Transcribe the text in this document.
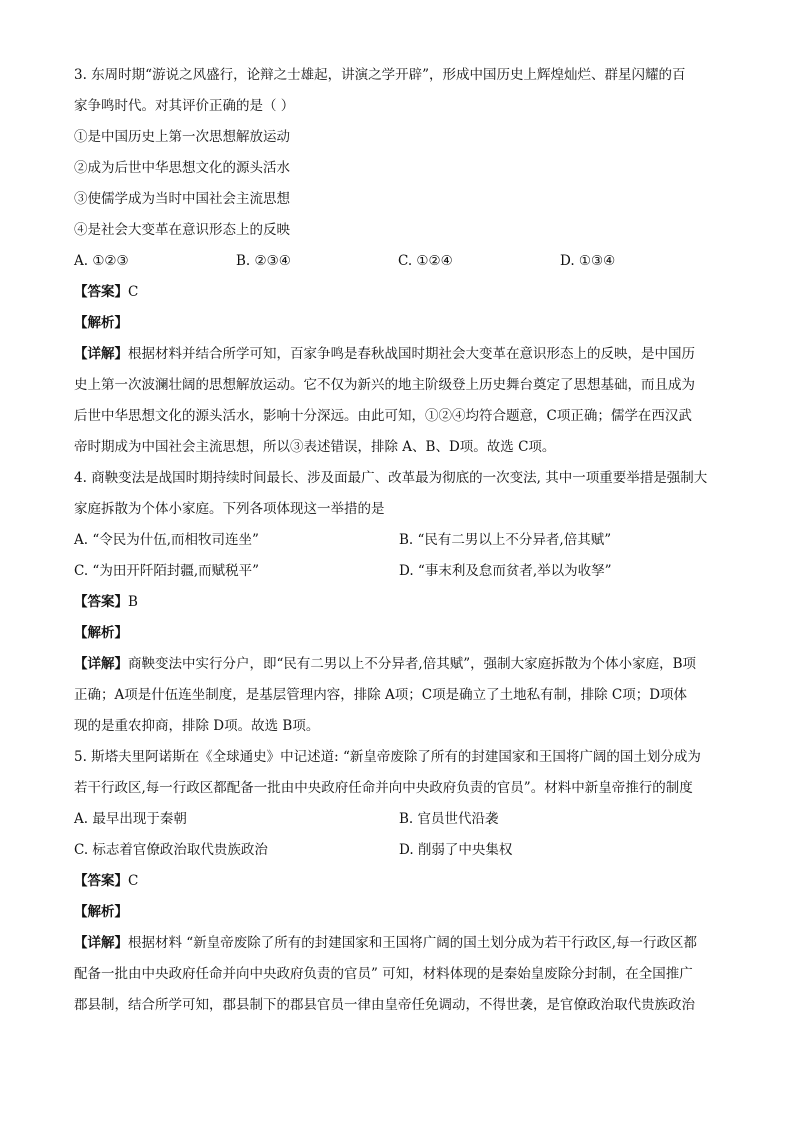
3. 东周时期“游说之风盛行，论辩之士雄起，讲演之学开辟”，形成中国历史上辉煌灿烂、群星闪耀的百
家争鸣时代。对其评价正确的是（ ）
①是中国历史上第一次思想解放运动
②成为后世中华思想文化的源头活水
③使儒学成为当时中国社会主流思想
④是社会大变革在意识形态上的反映
A. ①②③	B. ②③④	C. ①②④	D. ①③④
【答案】C
【解析】
【详解】根据材料并结合所学可知，百家争鸣是春秋战国时期社会大变革在意识形态上的反映，是中国历
史上第一次波澜壮阔的思想解放运动。它不仅为新兴的地主阶级登上历史舞台奠定了思想基础，而且成为
后世中华思想文化的源头活水，影响十分深远。由此可知，①②④均符合题意，C项正确；儒学在西汉武
帝时期成为中国社会主流思想，所以③表述错误，排除 A、B、D项。故选 C项。
4. 商鞅变法是战国时期持续时间最长、涉及面最广、改革最为彻底的一次变法, 其中一项重要举措是强制大
家庭拆散为个体小家庭。下列各项体现这一举措的是
A. “令民为什伍,而相牧司连坐”	B. “民有二男以上不分异者,倍其赋”
C. “为田开阡陌封疆,而赋税平”	D. “事末利及怠而贫者,举以为收孥”
【答案】B
【解析】
【详解】商鞅变法中实行分户，即“民有二男以上不分异者,倍其赋”，强制大家庭拆散为个体小家庭，B项
正确；A项是什伍连坐制度，是基层管理内容，排除 A项；C项是确立了土地私有制，排除 C项；D项体
现的是重农抑商，排除 D项。故选 B项。
5. 斯塔夫里阿诺斯在《全球通史》中记述道: “新皇帝废除了所有的封建国家和王国将广阔的国土划分成为
若干行政区,每一行政区都配备一批由中央政府任命并向中央政府负责的官员”。材料中新皇帝推行的制度
A. 最早出现于秦朝	B. 官员世代沿袭
C. 标志着官僚政治取代贵族政治	D. 削弱了中央集权
【答案】C
【解析】
【详解】根据材料 “新皇帝废除了所有的封建国家和王国将广阔的国土划分成为若干行政区,每一行政区都
配备一批由中央政府任命并向中央政府负责的官员” 可知，材料体现的是秦始皇废除分封制，在全国推广
郡县制，结合所学可知，郡县制下的郡县官员一律由皇帝任免调动，不得世袭，是官僚政治取代贵族政治
